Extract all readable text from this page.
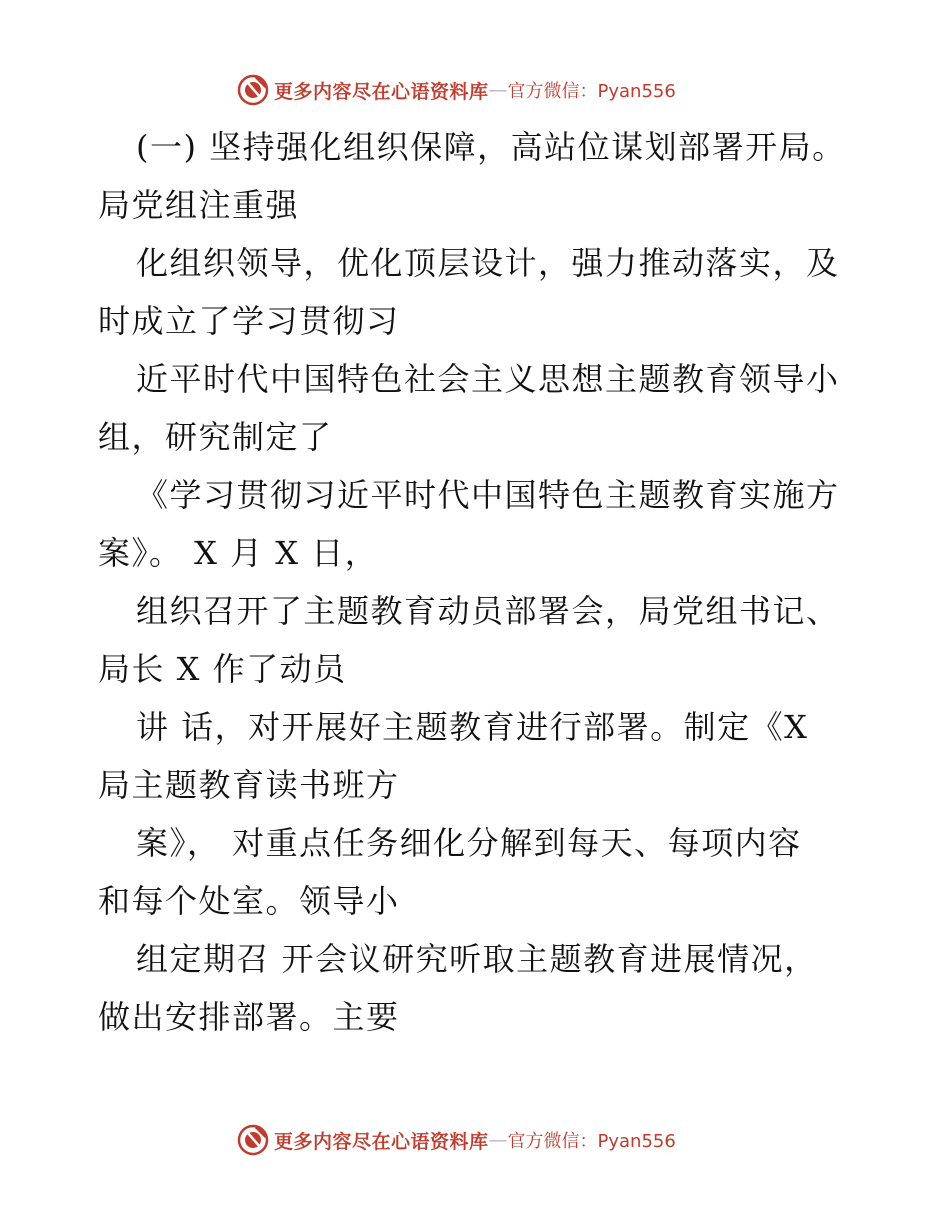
更多内容尽在心语资料库 — 官方微信：Pyan556

(一) 坚持强化组织保障，高站位谋划部署开局。
局党组注重强

化组织领导，优化顶层设计，强力推动落实，及
时成立了学习贯彻习

近平时代中国特色社会主义思想主题教育领导小
组，研究制定了

《学习贯彻习近平时代中国特色主题教育实施方
案》。 X 月 X 日，

组织召开了主题教育动员部署会，局党组书记、
局长 X 作了动员

讲 话，对开展好主题教育进行部署。制定《X
局主题教育读书班方

案》， 对重点任务细化分解到每天、每项内容
和每个处室。领导小

组定期召 开会议研究听取主题教育进展情况，
做出安排部署。主要

更多内容尽在心语资料库 — 官方微信：Pyan556
